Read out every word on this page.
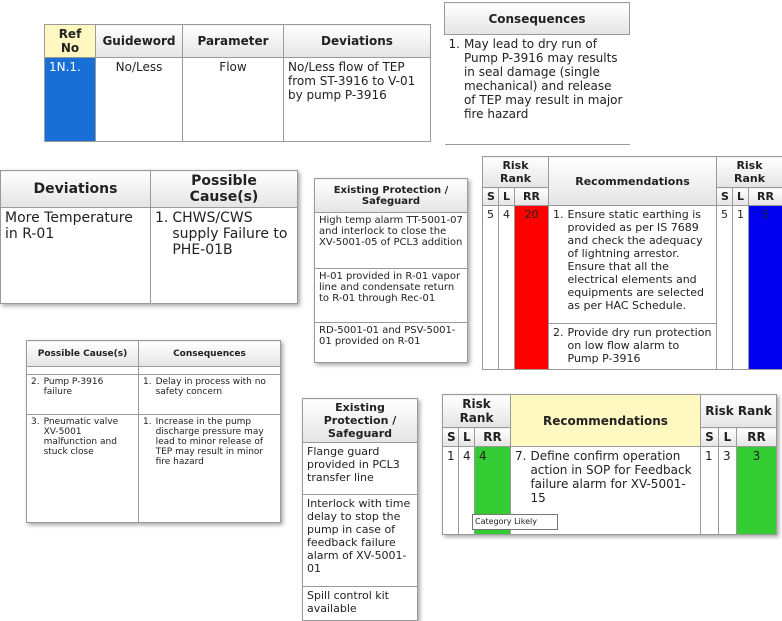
Ref No	Guideword	Parameter	Deviations
1N.1.	No/Less	Flow	No/Less flow of TEP from ST-3916 to V-01 by pump P-3916
Consequences

1. May lead to dry run of Pump P-3916 may results in seal damage (single mechanical) and release of TEP may result in major fire hazard
Deviations	Possible Cause(s)
More Temperature in R-01	1. CHWS/CWS supply Failure to PHE-01B
Existing Protection / Safeguard
High temp alarm TT-5001-07 and interlock to close the XV-5001-05 of PCL3 addition
H-01 provided in R-01 vapor line and condensate return to R-01 through Rec-01
RD-5001-01 and PSV-5001-01 provided on R-01
Risk Rank			Recommendations	Risk Rank		
S	L	RR		S	L	RR
5	4	20	1. Ensure static earthing is provided as per IS 7689 and check the adequacy of lightning arrestor. Ensure that all the electrical elements and equipments are selected as per HAC Schedule.	5	1	5

			2. Provide dry run protection on low flow alarm to Pump P-3916			
Possible Cause(s)	Consequences

2. Pump P-3916 failure	1. Delay in process with no safety concern

3. Pneumatic valve XV-5001 malfunction and stuck close	1. Increase in the pump discharge pressure may lead to minor release of TEP may result in minor fire hazard
Existing Protection / Safeguard
Flange guard provided in PCL3 transfer line
Interlock with time delay to stop the pump in case of feedback failure alarm of XV-5001-01
Spill control kit available
Risk Rank			Recommendations	Risk Rank		
S	L	RR		S	L	RR
1	4	4	7. Define confirm operation action in SOP for Feedback failure alarm for XV-5001-15	1	3	3
Category Likely
